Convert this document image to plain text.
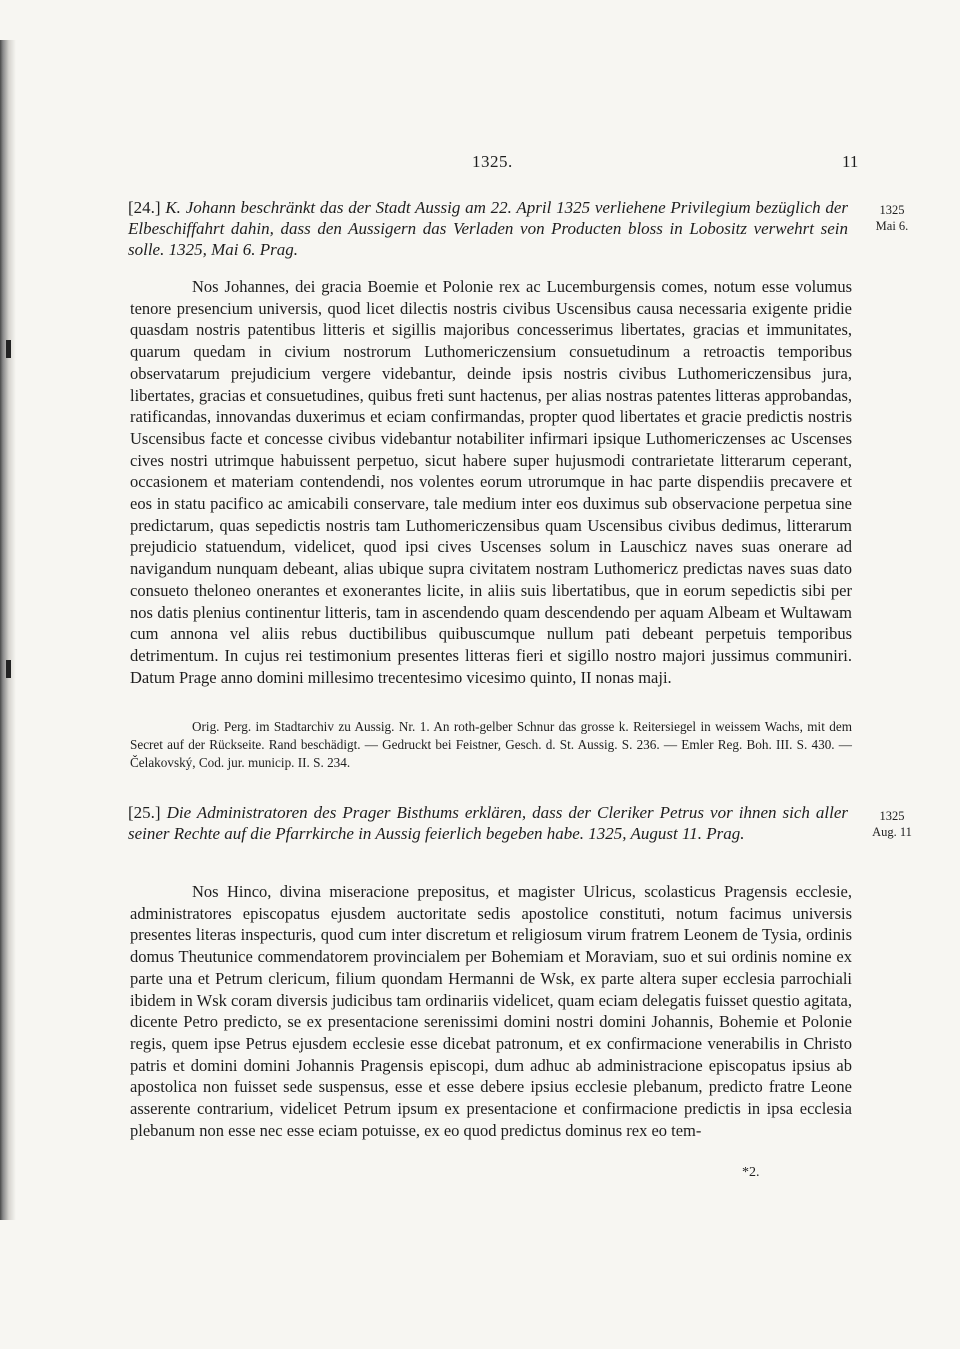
1325.	11
[24.] K. Johann beschränkt das der Stadt Aussig am 22. April 1325 verliehene Privilegium bezüglich der Elbeschiffahrt dahin, dass den Aussigern das Verladen von Producten bloss in Lobositz verwehrt sein solle. 1325, Mai 6. Prag.
1325
Mai 6.
Nos Johannes, dei gracia Boemie et Polonie rex ac Lucemburgensis comes, notum esse volumus tenore presencium universis, quod licet dilectis nostris civibus Uscensibus causa necessaria exigente pridie quasdam nostris patentibus litteris et sigillis majoribus concesserimus libertates, gracias et immunitates, quarum quedam in civium nostrorum Luthomericzensium consuetudinum a retroactis temporibus observatarum prejudicium vergere videbantur, deinde ipsis nostris civibus Luthomericzensibus jura, libertates, gracias et consuetudines, quibus freti sunt hactenus, per alias nostras patentes litteras approbandas, ratificandas, innovandas duxerimus et eciam confirmandas, propter quod libertates et gracie predictis nostris Uscensibus facte et concesse civibus videbantur notabiliter infirmari ipsique Luthomericzenses ac Uscenses cives nostri utrimque habuissent perpetuo, sicut habere super hujusmodi contrarietate litterarum ceperant, occasionem et materiam contendendi, nos volentes eorum utrorumque in hac parte dispendiis precavere et eos in statu pacifico ac amicabili conservare, tale medium inter eos duximus sub observacione perpetua sine predictarum, quas sepedictis nostris tam Luthomericzensibus quam Uscensibus civibus dedimus, litterarum prejudicio statuendum, videlicet, quod ipsi cives Uscenses solum in Lauschicz naves suas onerare ad navigandum nunquam debeant, alias ubique supra civitatem nostram Luthomericz predictas naves suas dato consueto theloneo onerantes et exonerantes licite, in aliis suis libertatibus, que in eorum sepedictis sibi per nos datis plenius continentur litteris, tam in ascendendo quam descendendo per aquam Albeam et Wultawam cum annona vel aliis rebus ductibilibus quibuscumque nullum pati debeant perpetuis temporibus detrimentum. In cujus rei testimonium presentes litteras fieri et sigillo nostro majori jussimus communiri. Datum Prage anno domini millesimo trecentesimo vicesimo quinto, II nonas maji.
Orig. Perg. im Stadtarchiv zu Aussig. Nr. 1. An roth-gelber Schnur das grosse k. Reitersiegel in weissem Wachs, mit dem Secret auf der Rückseite. Rand beschädigt. — Gedruckt bei Feistner, Gesch. d. St. Aussig. S. 236. — Emler Reg. Boh. III. S. 430. — Čelakovský, Cod. jur. municip. II. S. 234.
[25.] Die Administratoren des Prager Bisthums erklären, dass der Cleriker Petrus vor ihnen sich aller seiner Rechte auf die Pfarrkirche in Aussig feierlich begeben habe. 1325, August 11. Prag.
1325
Aug. 11
Nos Hinco, divina miseracione prepositus, et magister Ulricus, scolasticus Pragensis ecclesie, administratores episcopatus ejusdem auctoritate sedis apostolice constituti, notum facimus universis presentes literas inspecturis, quod cum inter discretum et religiosum virum fratrem Leonem de Tysia, ordinis domus Theutunice commendatorem provincialem per Bohemiam et Moraviam, suo et sui ordinis nomine ex parte una et Petrum clericum, filium quondam Hermanni de Wsk, ex parte altera super ecclesia parrochiali ibidem in Wsk coram diversis judicibus tam ordinariis videlicet, quam eciam delegatis fuisset questio agitata, dicente Petro predicto, se ex presentacione serenissimi domini nostri domini Johannis, Bohemie et Polonie regis, quem ipse Petrus ejusdem ecclesie esse dicebat patronum, et ex confirmacione venerabilis in Christo patris et domini domini Johannis Pragensis episcopi, dum adhuc ab administracione episcopatus ipsius ab apostolica non fuisset sede suspensus, esse et esse debere ipsius ecclesie plebanum, predicto fratre Leone asserente contrarium, videlicet Petrum ipsum ex presentacione et confirmacione predictis in ipsa ecclesia plebanum non esse nec esse eciam potuisse, ex eo quod predictus dominus rex eo tem-
*2.
